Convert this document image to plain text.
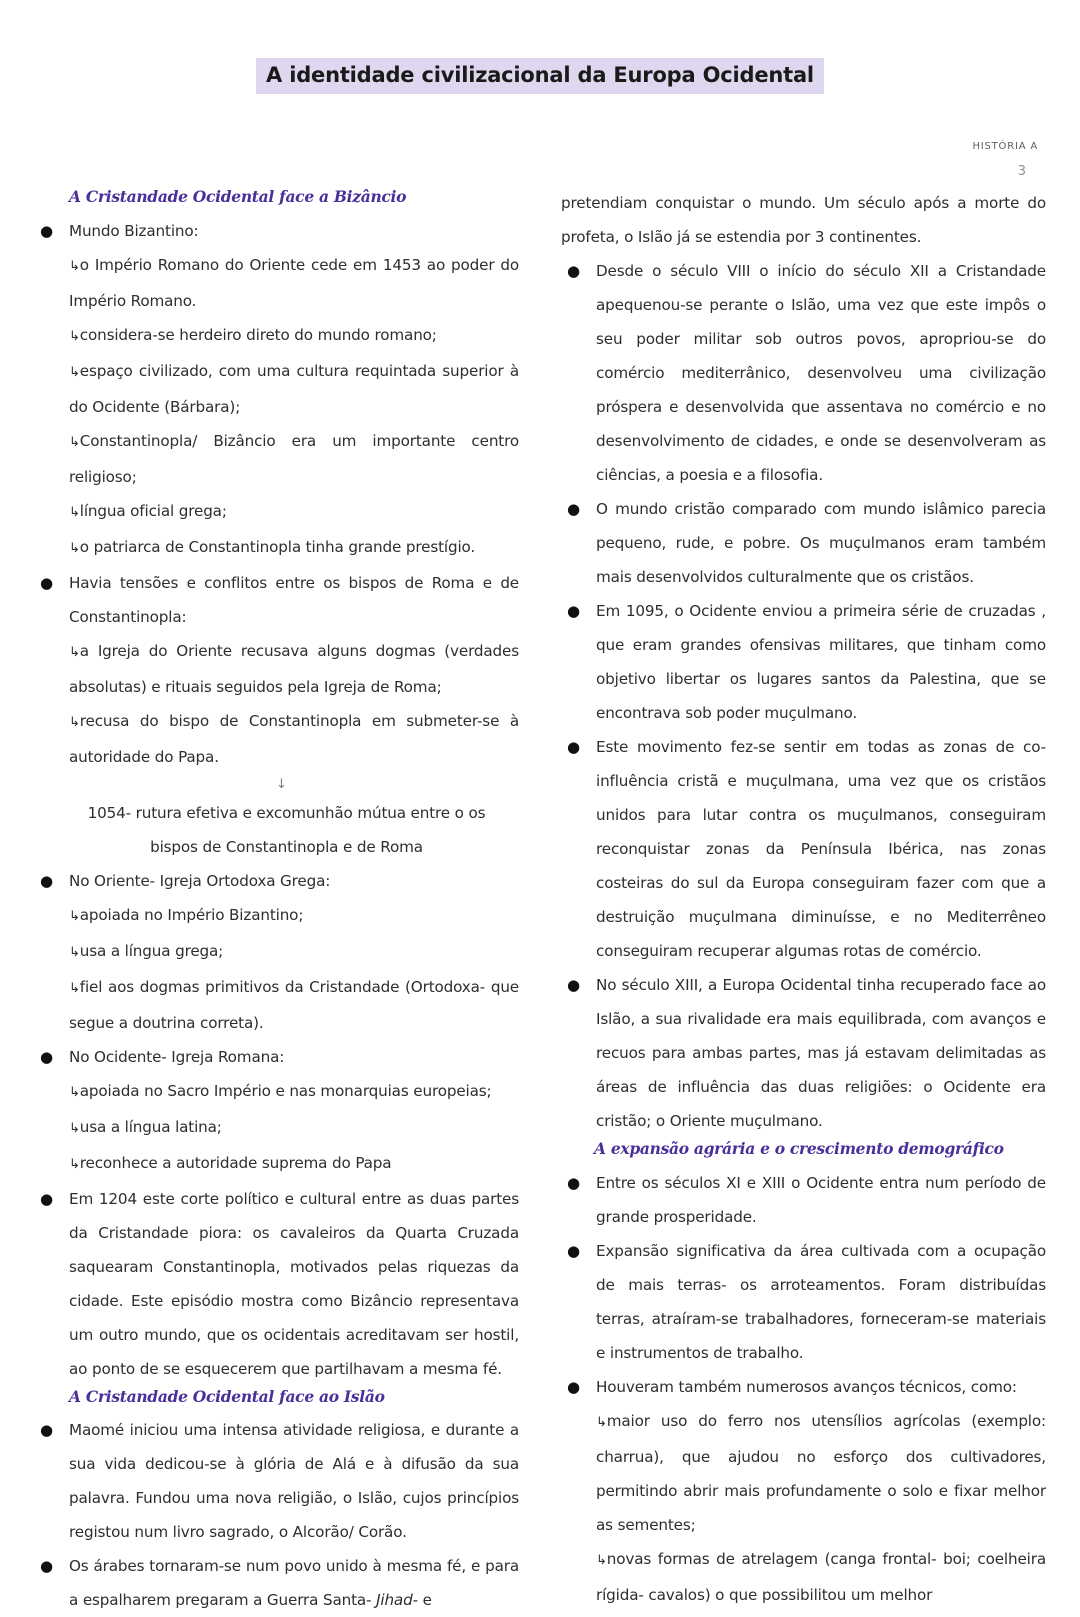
A identidade civilizacional da Europa Ocidental
HISTÓRIA A
3
A Cristandade Ocidental face a Bizâncio
●	Mundo Bizantino:
↳o Império Romano do Oriente cede em 1453 ao poder do Império Romano.
↳considera-se herdeiro direto do mundo romano;
↳espaço civilizado, com uma cultura requintada superior à do Ocidente (Bárbara);
↳Constantinopla/ Bizâncio era um importante centro religioso;
↳língua oficial grega;
↳o patriarca de Constantinopla tinha grande prestígio.
●	Havia tensões e conflitos entre os bispos de Roma e de Constantinopla:
↳a Igreja do Oriente recusava alguns dogmas (verdades absolutas) e rituais seguidos pela Igreja de Roma;
↳recusa do bispo de Constantinopla em submeter-se à autoridade do Papa.
↓
1054- rutura efetiva e excomunhão mútua entre o os bispos de Constantinopla e de Roma
●	No Oriente- Igreja Ortodoxa Grega:
↳apoiada no Império Bizantino;
↳usa a língua grega;
↳fiel aos dogmas primitivos da Cristandade (Ortodoxa- que segue a doutrina correta).
●	No Ocidente- Igreja Romana:
↳apoiada no Sacro Império e nas monarquias europeias;
↳usa a língua latina;
↳reconhece a autoridade suprema do Papa
●	Em 1204 este corte político e cultural entre as duas partes da Cristandade piora: os cavaleiros da Quarta Cruzada saquearam Constantinopla, motivados pelas riquezas da cidade. Este episódio mostra como Bizâncio representava um outro mundo, que os ocidentais acreditavam ser hostil, ao ponto de se esquecerem que partilhavam a mesma fé.
A Cristandade Ocidental face ao Islão
●	Maomé iniciou uma intensa atividade religiosa, e durante a sua vida dedicou-se à glória de Alá e à difusão da sua palavra. Fundou uma nova religião, o Islão, cujos princípios registou num livro sagrado, o Alcorão/ Corão.
●	Os árabes tornaram-se num povo unido à mesma fé, e para a espalharem pregaram a Guerra Santa- Jihad- e
pretendiam conquistar o mundo. Um século após a morte do profeta, o Islão já se estendia por 3 continentes.
●	Desde o século VIII o início do século XII a Cristandade apequenou-se perante o Islão, uma vez que este impôs o seu poder militar sob outros povos, apropriou-se do comércio mediterrânico, desenvolveu uma civilização próspera e desenvolvida que assentava no comércio e no desenvolvimento de cidades, e onde se desenvolveram as ciências, a poesia e a filosofia.
●	O mundo cristão comparado com mundo islâmico parecia pequeno, rude, e pobre. Os muçulmanos eram também mais desenvolvidos culturalmente que os cristãos.
●	Em 1095, o Ocidente enviou a primeira série de cruzadas , que eram grandes ofensivas militares, que tinham como objetivo libertar os lugares santos da Palestina, que se encontrava sob poder muçulmano.
●	Este movimento fez-se sentir em todas as zonas de co-influência cristã e muçulmana, uma vez que os cristãos unidos para lutar contra os muçulmanos, conseguiram reconquistar zonas da Península Ibérica, nas zonas costeiras do sul da Europa conseguiram fazer com que a destruição muçulmana diminuísse, e no Mediterrêneo conseguiram recuperar algumas rotas de comércio.
●	No século XIII, a Europa Ocidental tinha recuperado face ao Islão, a sua rivalidade era mais equilibrada, com avanços e recuos para ambas partes, mas já estavam delimitadas as áreas de influência das duas religiões: o Ocidente era cristão; o Oriente muçulmano.
A expansão agrária e o crescimento demográfico
●	Entre os séculos XI e XIII o Ocidente entra num período de grande prosperidade.
●	Expansão significativa da área cultivada com a ocupação de mais terras- os arroteamentos. Foram distribuídas terras, atraíram-se trabalhadores, forneceram-se materiais e instrumentos de trabalho.
●	Houveram também numerosos avanços técnicos, como:
↳maior uso do ferro nos utensílios agrícolas (exemplo: charrua), que ajudou no esforço dos cultivadores, permitindo abrir mais profundamente o solo e fixar melhor as sementes;
↳novas formas de atrelagem (canga frontal- boi; coelheira rígida- cavalos) o que possibilitou um melhor
